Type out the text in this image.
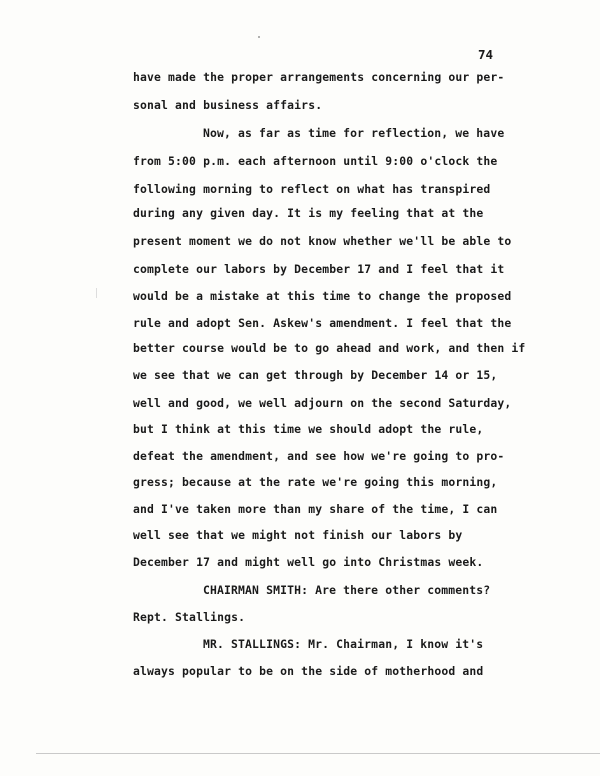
74
have made the proper arrangements concerning our per-
sonal and business affairs.
Now, as far as time for reflection, we have
from 5:00 p.m. each afternoon until 9:00 o'clock the
following morning to reflect on what has transpired
during any given day. It is my feeling that at the
present moment we do not know whether we'll be able to
complete our labors by December 17 and I feel that it
would be a mistake at this time to change the proposed
rule and adopt Sen. Askew's amendment. I feel that the
better course would be to go ahead and work, and then if
we see that we can get through by December 14 or 15,
well and good, we well adjourn on the second Saturday,
but I think at this time we should adopt the rule,
defeat the amendment, and see how we're going to pro-
gress; because at the rate we're going this morning,
and I've taken more than my share of the time, I can
well see that we might not finish our labors by
December 17 and might well go into Christmas week.
CHAIRMAN SMITH: Are there other comments?
Rept. Stallings.
MR. STALLINGS: Mr. Chairman, I know it's
always popular to be on the side of motherhood and
